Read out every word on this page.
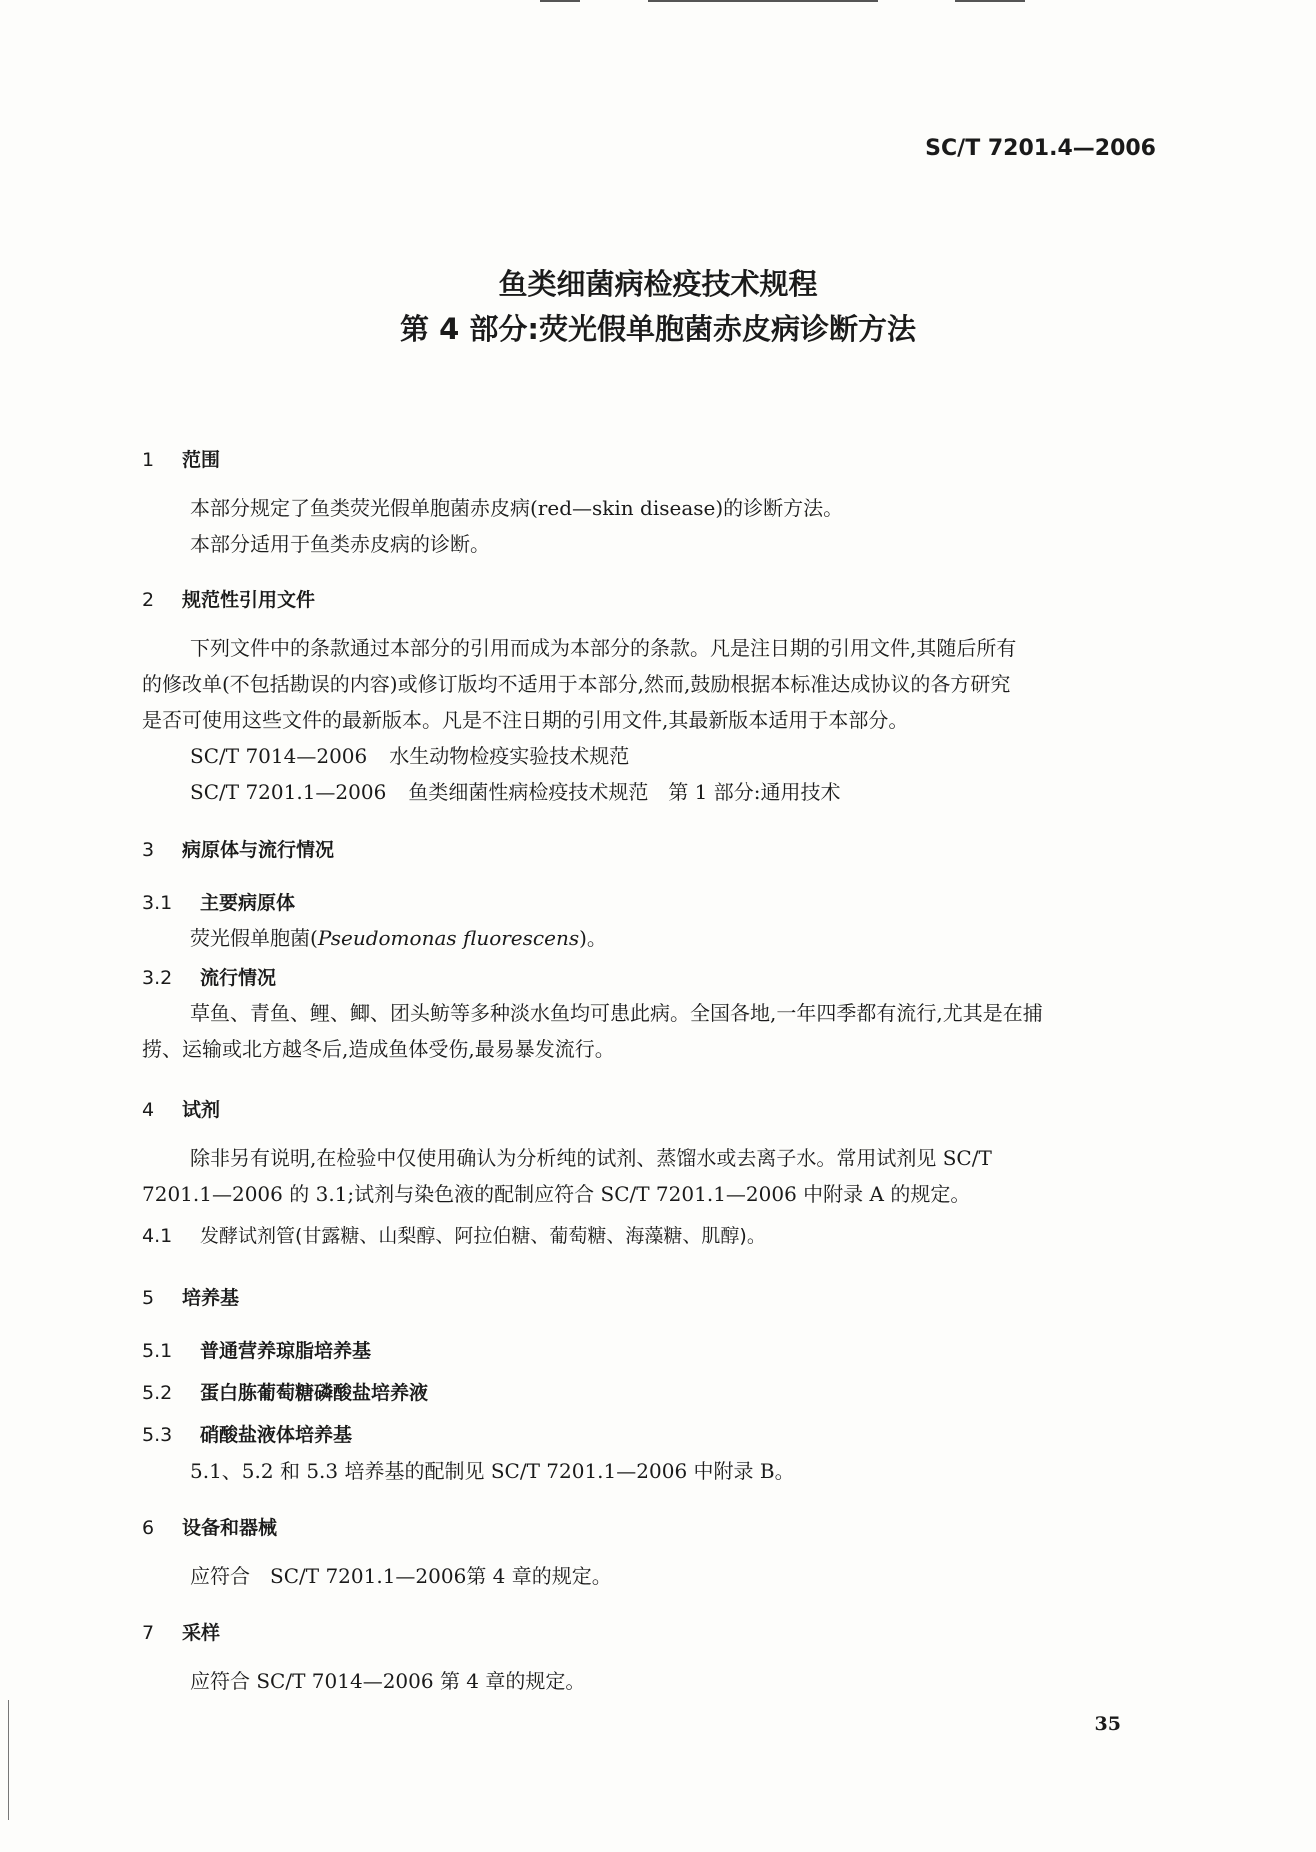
SC/T 7201.4—2006
鱼类细菌病检疫技术规程
第 4 部分:荧光假单胞菌赤皮病诊断方法
1 范围
本部分规定了鱼类荧光假单胞菌赤皮病(red—skin disease)的诊断方法。
本部分适用于鱼类赤皮病的诊断。
2 规范性引用文件
下列文件中的条款通过本部分的引用而成为本部分的条款。凡是注日期的引用文件,其随后所有
的修改单(不包括勘误的内容)或修订版均不适用于本部分,然而,鼓励根据本标准达成协议的各方研究
是否可使用这些文件的最新版本。凡是不注日期的引用文件,其最新版本适用于本部分。
SC/T 7014—2006 水生动物检疫实验技术规范
SC/T 7201.1—2006 鱼类细菌性病检疫技术规范　第 1 部分:通用技术
3 病原体与流行情况
3.1 主要病原体
荧光假单胞菌(Pseudomonas fluorescens)。
3.2 流行情况
草鱼、青鱼、鲤、鲫、团头鲂等多种淡水鱼均可患此病。全国各地,一年四季都有流行,尤其是在捕
捞、运输或北方越冬后,造成鱼体受伤,最易暴发流行。
4 试剂
除非另有说明,在检验中仅使用确认为分析纯的试剂、蒸馏水或去离子水。常用试剂见 SC/T
7201.1—2006 的 3.1;试剂与染色液的配制应符合 SC/T 7201.1—2006 中附录 A 的规定。
4.1 发酵试剂管(甘露糖、山梨醇、阿拉伯糖、葡萄糖、海藻糖、肌醇)。
5 培养基
5.1 普通营养琼脂培养基
5.2 蛋白胨葡萄糖磷酸盐培养液
5.3 硝酸盐液体培养基
5.1、5.2 和 5.3 培养基的配制见 SC/T 7201.1—2006 中附录 B。
6 设备和器械
应符合　SC/T 7201.1—2006第 4 章的规定。
7 采样
应符合 SC/T 7014—2006 第 4 章的规定。
35
